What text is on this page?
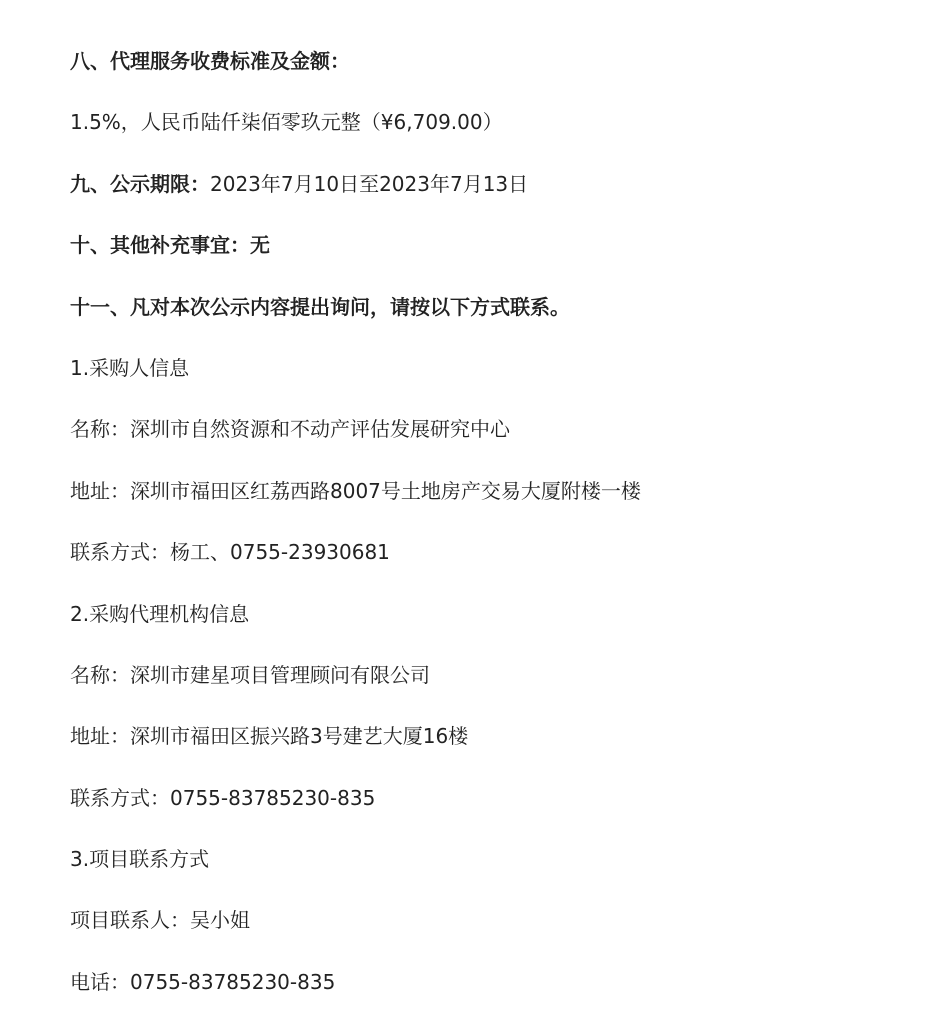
八、代理服务收费标准及金额：
1.5%，人民币陆仟柒佰零玖元整（¥6,709.00）
九、公示期限：2023年7月10日至2023年7月13日
十、其他补充事宜：无
十一、凡对本次公示内容提出询问，请按以下方式联系。
1.采购人信息
名称：深圳市自然资源和不动产评估发展研究中心
地址：深圳市福田区红荔西路8007号土地房产交易大厦附楼一楼
联系方式：杨工、0755-23930681
2.采购代理机构信息
名称：深圳市建星项目管理顾问有限公司
地址：深圳市福田区振兴路3号建艺大厦16楼
联系方式：0755-83785230-835
3.项目联系方式
项目联系人：吴小姐
电话：0755-83785230-835
